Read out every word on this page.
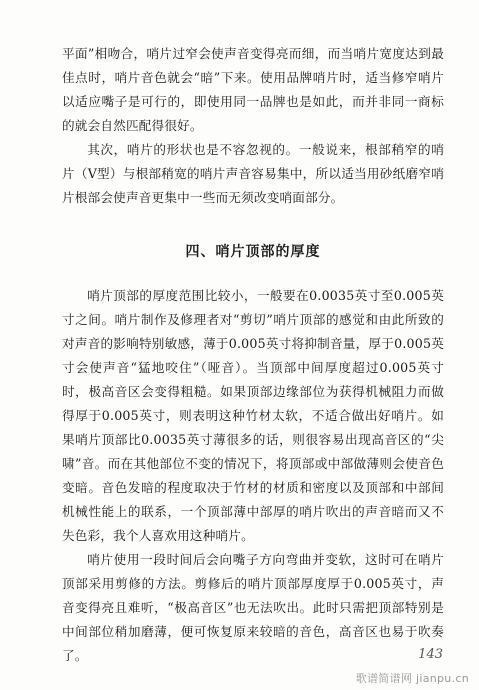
平面”相吻合，哨片过窄会使声音变得亮而细，而当哨片宽度达到最佳点时，哨片音色就会“暗”下来。使用品牌哨片时，适当修窄哨片以适应嘴子是可行的，即使用同一品牌也是如此，而并非同一商标的就会自然匹配得很好。

其次，哨片的形状也是不容忽视的。一般说来，根部稍窄的哨片（V型）与根部稍宽的哨片声音容易集中，所以适当用砂纸磨窄哨片根部会使声音更集中一些而无须改变哨面部分。

四、哨片顶部的厚度

哨片顶部的厚度范围比较小，一般要在0.0035英寸至0.005英寸之间。哨片制作及修理者对“剪切”哨片顶部的感觉和由此所致的对声音的影响特别敏感，薄于0.005英寸将抑制音量，厚于0.005英寸会使声音“猛地咬住”（哑音）。当顶部中间厚度超过0.005英寸时，极高音区会变得粗糙。如果顶部边缘部位为获得机械阻力而做得厚于0.005英寸，则表明这种竹材太软，不适合做出好哨片。如果哨片顶部比0.0035英寸薄很多的话，则很容易出现高音区的“尖啸”音。而在其他部位不变的情况下，将顶部或中部做薄则会使音色变暗。音色发暗的程度取决于竹材的材质和密度以及顶部和中部间机械性能上的联系，一个顶部薄中部厚的哨片吹出的声音暗而又不失色彩，我个人喜欢用这种哨片。

哨片使用一段时间后会向嘴子方向弯曲并变软，这时可在哨片顶部采用剪修的方法。剪修后的哨片顶部厚度厚于0.005英寸，声音变得亮且难听，“极高音区”也无法吹出。此时只需把顶部特别是中间部位稍加磨薄，便可恢复原来较暗的音色，高音区也易于吹奏了。	143
歌谱简谱网 jianpu.cn
